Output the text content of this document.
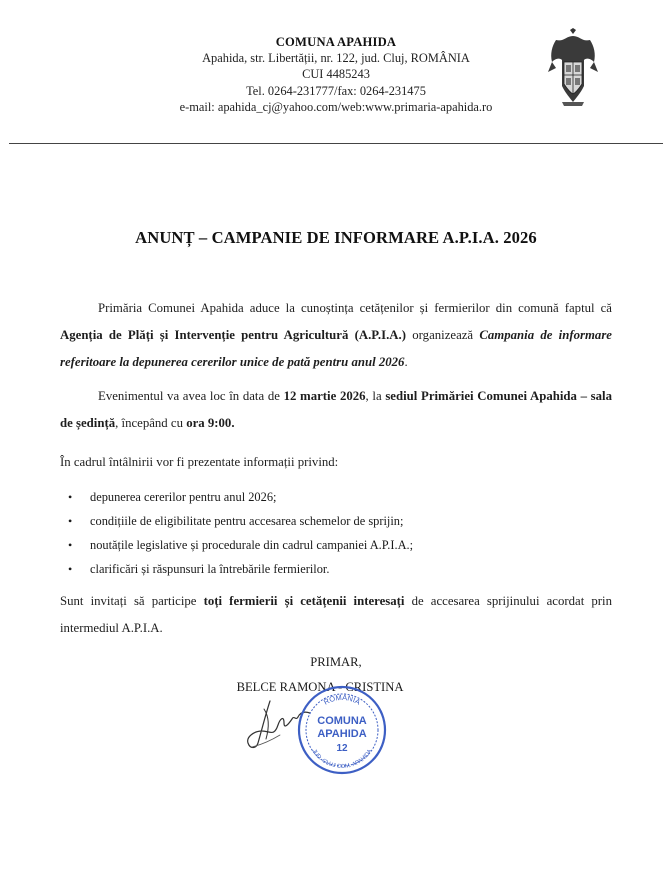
COMUNA APAHIDA
Apahida, str. Libertății, nr. 122, jud. Cluj, ROMÂNIA
CUI 4485243
Tel. 0264-231777/fax: 0264-231475
e-mail: apahida_cj@yahoo.com/web:www.primaria-apahida.ro
ANUNȚ – CAMPANIE DE INFORMARE A.P.I.A. 2026
Primăria Comunei Apahida aduce la cunoștința cetățenilor și fermierilor din comună faptul că Agenția de Plăți și Intervenție pentru Agricultură (A.P.I.A.) organizează Campania de informare referitoare la depunerea cererilor unice de pată pentru anul 2026.
Evenimentul va avea loc în data de 12 martie 2026, la sediul Primăriei Comunei Apahida – sala de ședință, începând cu ora 9:00.
În cadrul întâlnirii vor fi prezentate informații privind:
• depunerea cererilor pentru anul 2026;
• condițiile de eligibilitate pentru accesarea schemelor de sprijin;
• noutățile legislative și procedurale din cadrul campaniei A.P.I.A.;
• clarificări și răspunsuri la întrebările fermierilor.
Sunt invitați să participe toți fermierii și cetățenii interesați de accesarea sprijinului acordat prin intermediul A.P.I.A.
PRIMAR,
BELCE RAMONA - CRISTINA
ROMÂNIA
COMUNA
APAHIDA
12
JUD. CLUJ COM. APAHIDA
